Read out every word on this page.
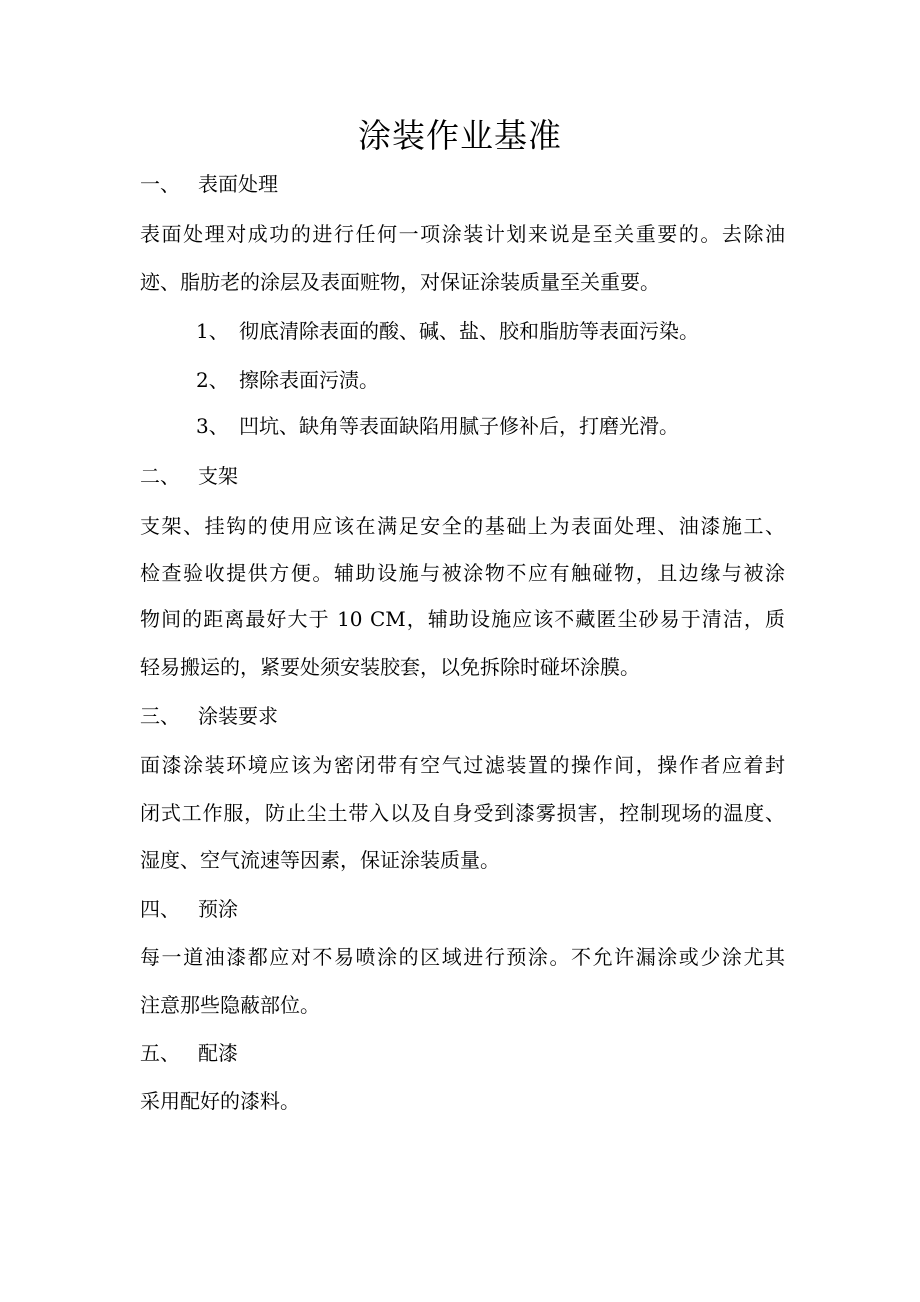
涂装作业基准
一、 表面处理
表面处理对成功的进行任何一项涂装计划来说是至关重要的。去除油
迹、脂肪老的涂层及表面赃物，对保证涂装质量至关重要。
1、 彻底清除表面的酸、碱、盐、胶和脂肪等表面污染。
2、 擦除表面污渍。
3、 凹坑、缺角等表面缺陷用腻子修补后，打磨光滑。
二、 支架
支架、挂钩的使用应该在满足安全的基础上为表面处理、油漆施工、
检查验收提供方便。辅助设施与被涂物不应有触碰物，且边缘与被涂
物间的距离最好大于 10 CM，辅助设施应该不藏匿尘砂易于清洁，质
轻易搬运的，紧要处须安装胶套，以免拆除时碰坏涂膜。
三、 涂装要求
面漆涂装环境应该为密闭带有空气过滤装置的操作间，操作者应着封
闭式工作服，防止尘土带入以及自身受到漆雾损害，控制现场的温度、
湿度、空气流速等因素，保证涂装质量。
四、 预涂
每一道油漆都应对不易喷涂的区域进行预涂。不允许漏涂或少涂尤其
注意那些隐蔽部位。
五、 配漆
采用配好的漆料。
